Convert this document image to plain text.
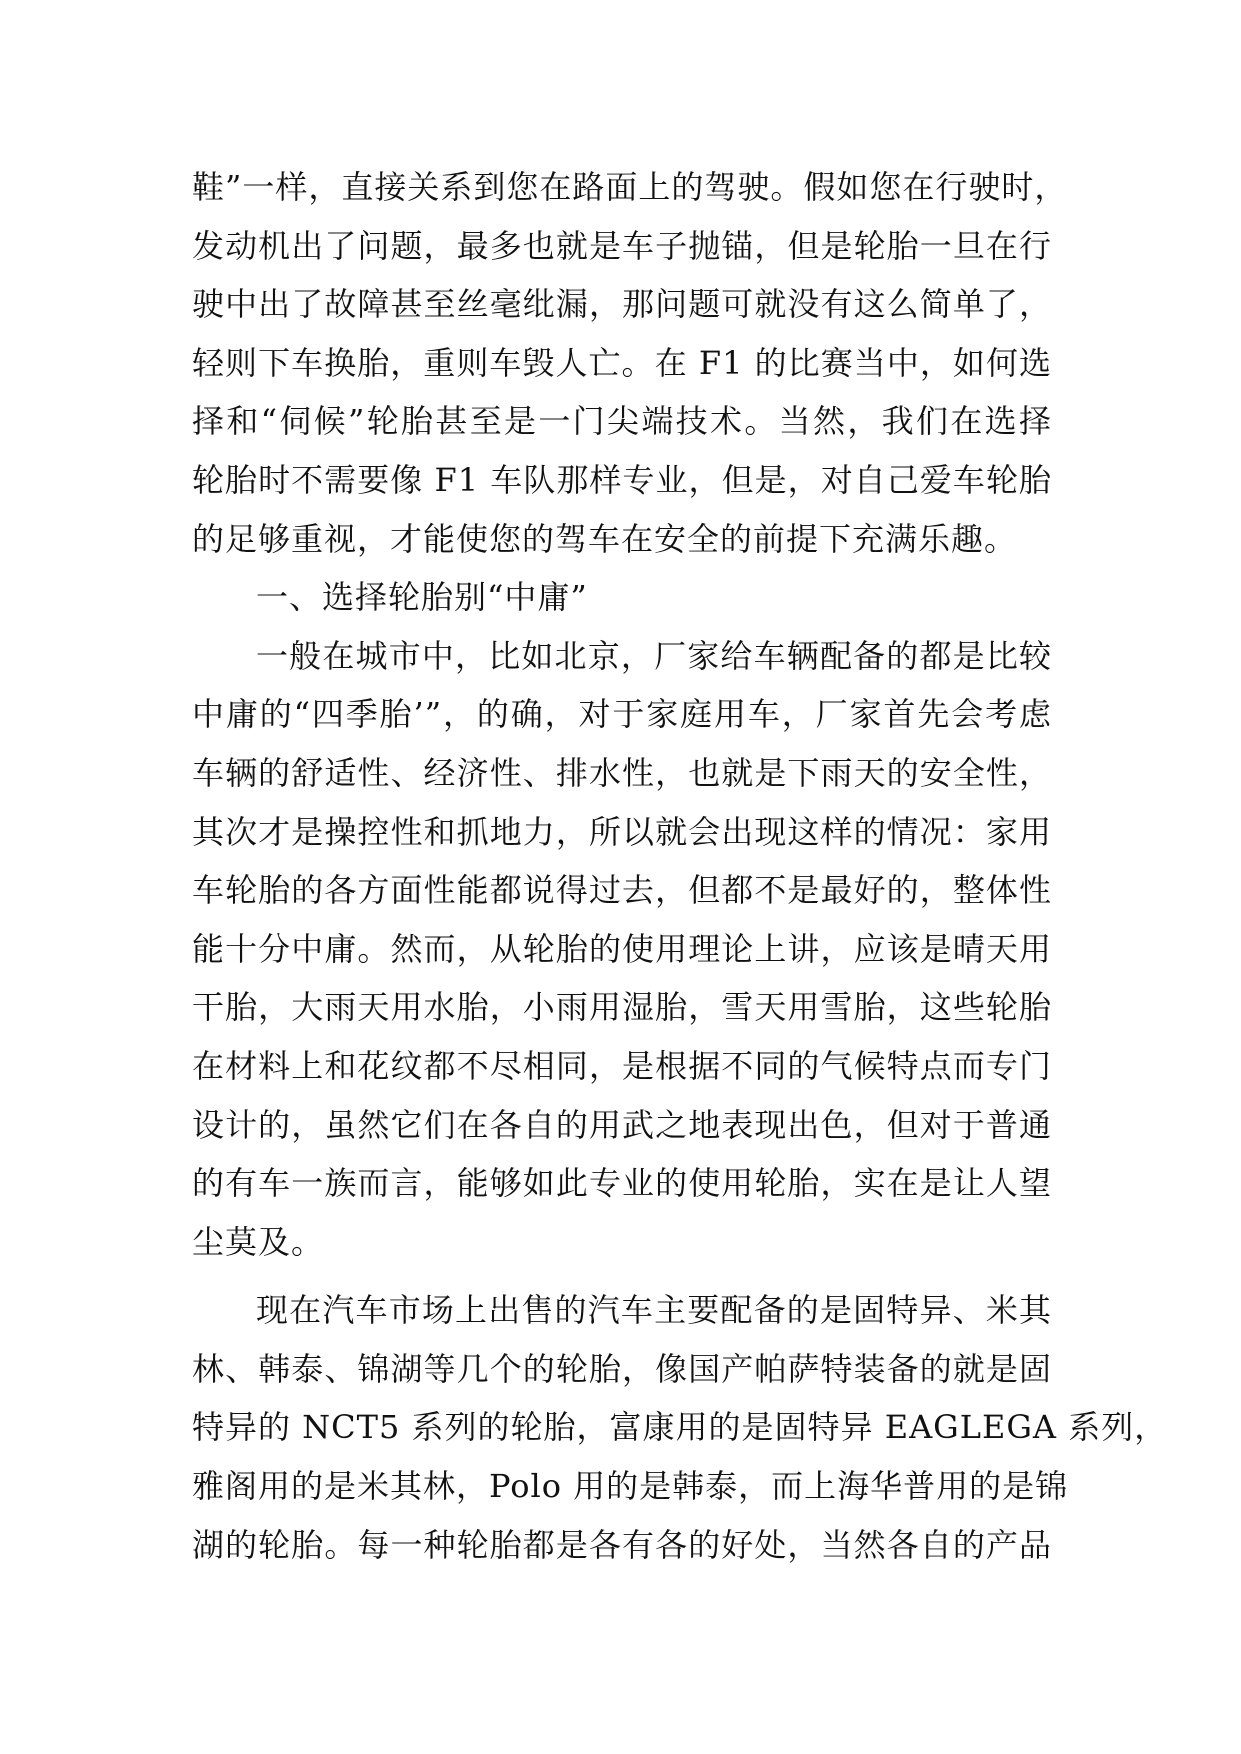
鞋”一样，直接关系到您在路面上的驾驶。假如您在行驶时，
发动机出了问题，最多也就是车子抛锚，但是轮胎一旦在行
驶中出了故障甚至丝毫纰漏，那问题可就没有这么简单了，
轻则下车换胎，重则车毁人亡。在 F1 的比赛当中，如何选
择和“伺候”轮胎甚至是一门尖端技术。当然，我们在选择
轮胎时不需要像 F1 车队那样专业，但是，对自己爱车轮胎
的足够重视，才能使您的驾车在安全的前提下充满乐趣。
一、选择轮胎别“中庸”
一般在城市中，比如北京，厂家给车辆配备的都是比较
中庸的“四季胎’”，的确，对于家庭用车，厂家首先会考虑
车辆的舒适性、经济性、排水性，也就是下雨天的安全性，
其次才是操控性和抓地力，所以就会出现这样的情况：家用
车轮胎的各方面性能都说得过去，但都不是最好的，整体性
能十分中庸。然而，从轮胎的使用理论上讲，应该是晴天用
干胎，大雨天用水胎，小雨用湿胎，雪天用雪胎，这些轮胎
在材料上和花纹都不尽相同，是根据不同的气候特点而专门
设计的，虽然它们在各自的用武之地表现出色，但对于普通
的有车一族而言，能够如此专业的使用轮胎，实在是让人望
尘莫及。
现在汽车市场上出售的汽车主要配备的是固特异、米其
林、韩泰、锦湖等几个的轮胎，像国产帕萨特装备的就是固
特异的 NCT5 系列的轮胎，富康用的是固特异 EAGLEGA 系列，
雅阁用的是米其林，Polo 用的是韩泰，而上海华普用的是锦
湖的轮胎。每一种轮胎都是各有各的好处，当然各自的产品
